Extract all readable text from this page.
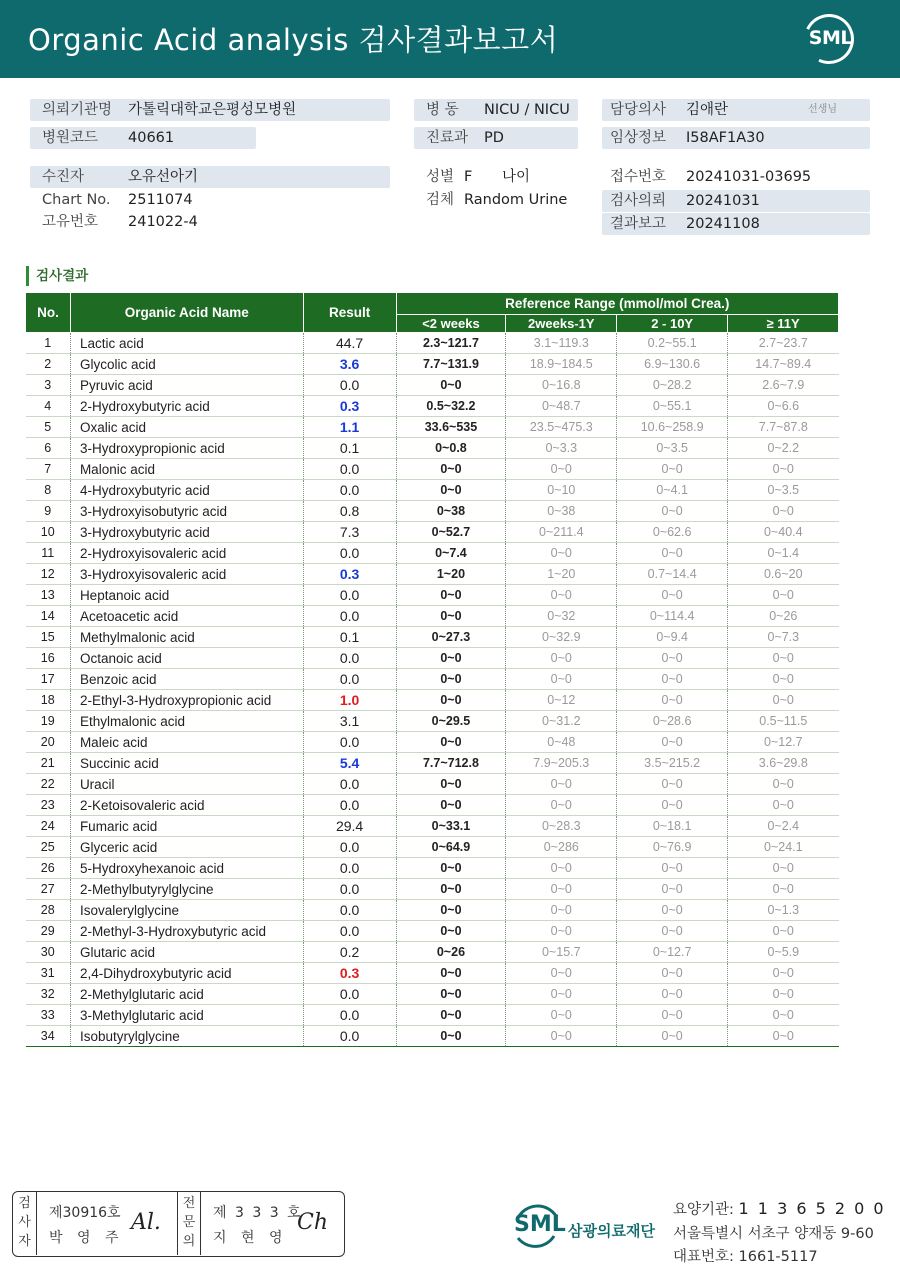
Organic Acid analysis 검사결과보고서	SML
의뢰기관명 가톨릭대학교은평성모병원
병원코드 40661
병 동 NICU / NICU
진료과 PD
담당의사 김애란	선생님
임상정보 I58AF1A30
수진자	오유선아기
Chart No. 2511074
고유번호 241022-4
성별 F 나이
검체 Random Urine
접수번호 20241031-03695
검사의뢰 20241031
결과보고 20241108
검사결과
No.	Organic Acid Name	Result	Reference Range (mmol/mol Crea.)			
			<2 weeks	2weeks-1Y	2 - 10Y	≥ 11Y
1	Lactic acid	44.7	2.3~121.7	3.1~119.3	0.2~55.1	2.7~23.7
2	Glycolic acid	3.6	7.7~131.9	18.9~184.5	6.9~130.6	14.7~89.4
3	Pyruvic acid	0.0	0~0	0~16.8	0~28.2	2.6~7.9
4	2-Hydroxybutyric acid	0.3	0.5~32.2	0~48.7	0~55.1	0~6.6
5	Oxalic acid	1.1	33.6~535	23.5~475.3	10.6~258.9	7.7~87.8
6	3-Hydroxypropionic acid	0.1	0~0.8	0~3.3	0~3.5	0~2.2
7	Malonic acid	0.0	0~0	0~0	0~0	0~0
8	4-Hydroxybutyric acid	0.0	0~0	0~10	0~4.1	0~3.5
9	3-Hydroxyisobutyric acid	0.8	0~38	0~38	0~0	0~0
10	3-Hydroxybutyric acid	7.3	0~52.7	0~211.4	0~62.6	0~40.4
11	2-Hydroxyisovaleric acid	0.0	0~7.4	0~0	0~0	0~1.4
12	3-Hydroxyisovaleric acid	0.3	1~20	1~20	0.7~14.4	0.6~20
13	Heptanoic acid	0.0	0~0	0~0	0~0	0~0
14	Acetoacetic acid	0.0	0~0	0~32	0~114.4	0~26
15	Methylmalonic acid	0.1	0~27.3	0~32.9	0~9.4	0~7.3
16	Octanoic acid	0.0	0~0	0~0	0~0	0~0
17	Benzoic acid	0.0	0~0	0~0	0~0	0~0
18	2-Ethyl-3-Hydroxypropionic acid	1.0	0~0	0~12	0~0	0~0
19	Ethylmalonic acid	3.1	0~29.5	0~31.2	0~28.6	0.5~11.5
20	Maleic acid	0.0	0~0	0~48	0~0	0~12.7
21	Succinic acid	5.4	7.7~712.8	7.9~205.3	3.5~215.2	3.6~29.8
22	Uracil	0.0	0~0	0~0	0~0	0~0
23	2-Ketoisovaleric acid	0.0	0~0	0~0	0~0	0~0
24	Fumaric acid	29.4	0~33.1	0~28.3	0~18.1	0~2.4
25	Glyceric acid	0.0	0~64.9	0~286	0~76.9	0~24.1
26	5-Hydroxyhexanoic acid	0.0	0~0	0~0	0~0	0~0
27	2-Methylbutyrylglycine	0.0	0~0	0~0	0~0	0~0
28	Isovalerylglycine	0.0	0~0	0~0	0~0	0~1.3
29	2-Methyl-3-Hydroxybutyric acid	0.0	0~0	0~0	0~0	0~0
30	Glutaric acid	0.2	0~26	0~15.7	0~12.7	0~5.9
31	2,4-Dihydroxybutyric acid	0.3	0~0	0~0	0~0	0~0
32	2-Methylglutaric acid	0.0	0~0	0~0	0~0	0~0
33	3-Methylglutaric acid	0.0	0~0	0~0	0~0	0~0
34	Isobutyrylglycine	0.0	0~0	0~0	0~0	0~0
검사자
제30916호
박 영 주
Al.
전문의
제 3 3 3 호
지 현 영
Ch	SML 삼광의료재단
요양기관: 1 1 3 6 5 2 0 0
서울특별시 서초구 양재동 9-60
대표번호: 1661-5117
